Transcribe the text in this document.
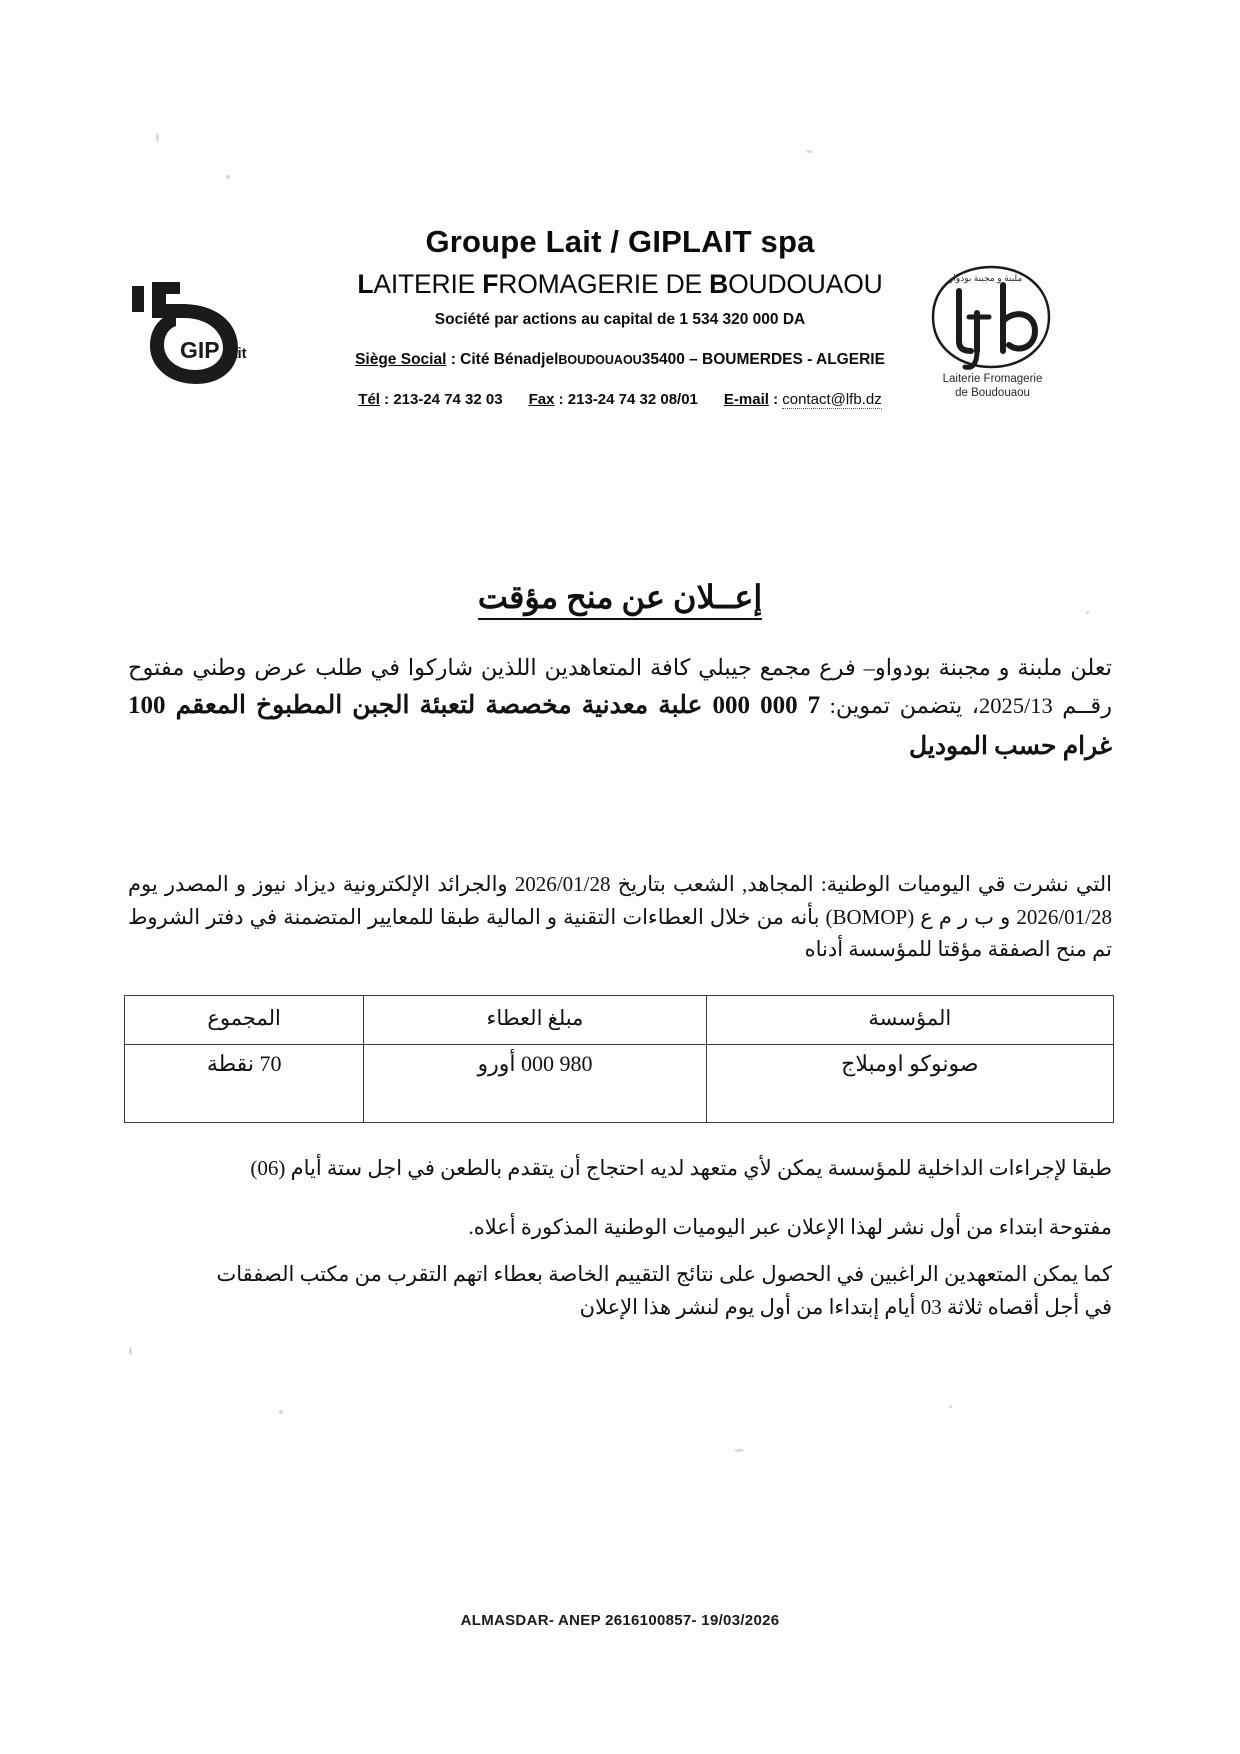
GIP lait
Groupe Lait / GIPLAIT spa
LAITERIE FROMAGERIE DE BOUDOUAOU
Société par actions au capital de 1 534 320 000 DA
Siège Social : Cité BénadjelBOUDOUAOU35400 – BOUMERDES - ALGERIE
Tél : 213-24 74 32 03 Fax : 213-24 74 32 08/01 E-mail : contact@lfb.dz
ملبنة و مجبنة بودواو
Laiterie Fromagerie
de Boudouaou
إعــلان عن منح مؤقت
تعلن ملبنة و مجبنة بودواو– فرع مجمع جيبلي كافة المتعاهدين اللذين شاركوا في طلب عرض وطني مفتوح رقــم 2025/13، يتضمن تموين: 7 000 000 علبة معدنية مخصصة لتعبئة الجبن المطبوخ المعقم 100 غرام حسب الموديل
التي نشرت قي اليوميات الوطنية: المجاهد, الشعب بتاريخ 2026/01/28 والجرائد الإلكترونية ديزاد نيوز و المصدر يوم 2026/01/28 و ب ر م ع (BOMOP) بأنه من خلال العطاءات التقنية و المالية طبقا للمعايير المتضمنة في دفتر الشروط تم منح الصفقة مؤقتا للمؤسسة أدناه
المؤسسة	مبلغ العطاء	المجموع
صونوكو اومبلاج	980 000 أورو	70 نقطة
طبقا لإجراءات الداخلية للمؤسسة يمكن لأي متعهد لديه احتجاج أن يتقدم بالطعن في اجل ستة أيام (06)
مفتوحة ابتداء من أول نشر لهذا الإعلان عبر اليوميات الوطنية المذكورة أعلاه.
كما يمكن المتعهدين الراغبين في الحصول على نتائج التقييم الخاصة بعطاء اتهم التقرب من مكتب الصفقات
في أجل أقصاه ثلاثة 03 أيام إبتداءا من أول يوم لنشر هذا الإعلان
ALMASDAR- ANEP 2616100857- 19/03/2026
